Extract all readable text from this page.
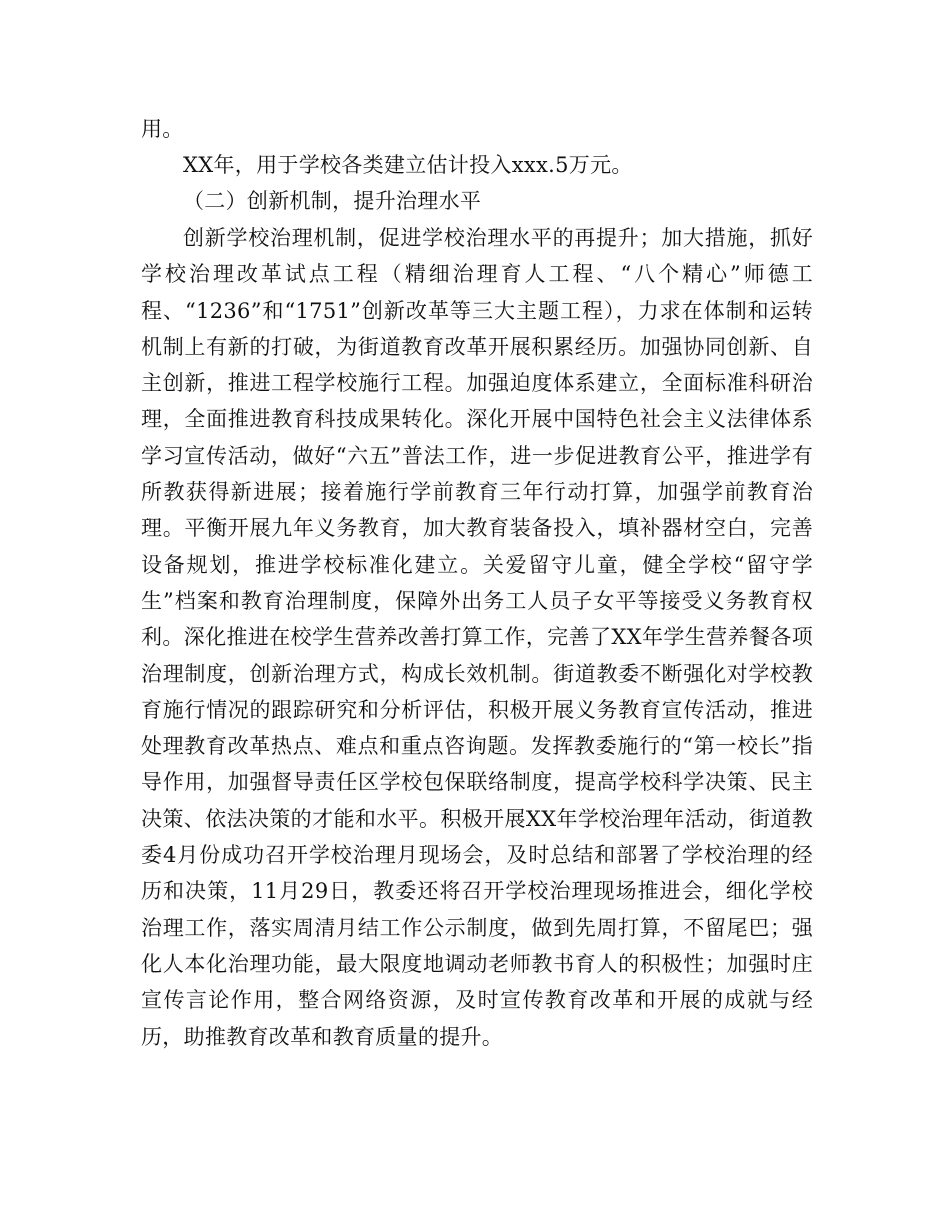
用。
XX年，用于学校各类建立估计投入xxx.5万元。
（二）创新机制，提升治理水平
创新学校治理机制，促进学校治理水平的再提升；加大措施，抓好学校治理改革试点工程（精细治理育人工程、“八个精心”师德工程、“1236”和“1751”创新改革等三大主题工程），力求在体制和运转机制上有新的打破，为街道教育改革开展积累经历。加强协同创新、自主创新，推进工程学校施行工程。加强迫度体系建立，全面标准科研治理，全面推进教育科技成果转化。深化开展中国特色社会主义法律体系学习宣传活动，做好“六五”普法工作，进一步促进教育公平，推进学有所教获得新进展；接着施行学前教育三年行动打算，加强学前教育治理。平衡开展九年义务教育，加大教育装备投入，填补器材空白，完善设备规划，推进学校标准化建立。关爱留守儿童，健全学校“留守学生”档案和教育治理制度，保障外出务工人员子女平等接受义务教育权利。深化推进在校学生营养改善打算工作，完善了XX年学生营养餐各项治理制度，创新治理方式，构成长效机制。街道教委不断强化对学校教育施行情况的跟踪研究和分析评估，积极开展义务教育宣传活动，推进处理教育改革热点、难点和重点咨询题。发挥教委施行的“第一校长”指导作用，加强督导责任区学校包保联络制度，提高学校科学决策、民主决策、依法决策的才能和水平。积极开展XX年学校治理年活动，街道教委4月份成功召开学校治理月现场会，及时总结和部署了学校治理的经历和决策，11月29日，教委还将召开学校治理现场推进会，细化学校治理工作，落实周清月结工作公示制度，做到先周打算，不留尾巴；强化人本化治理功能，最大限度地调动老师教书育人的积极性；加强时庄宣传言论作用，整合网络资源，及时宣传教育改革和开展的成就与经历，助推教育改革和教育质量的提升。
